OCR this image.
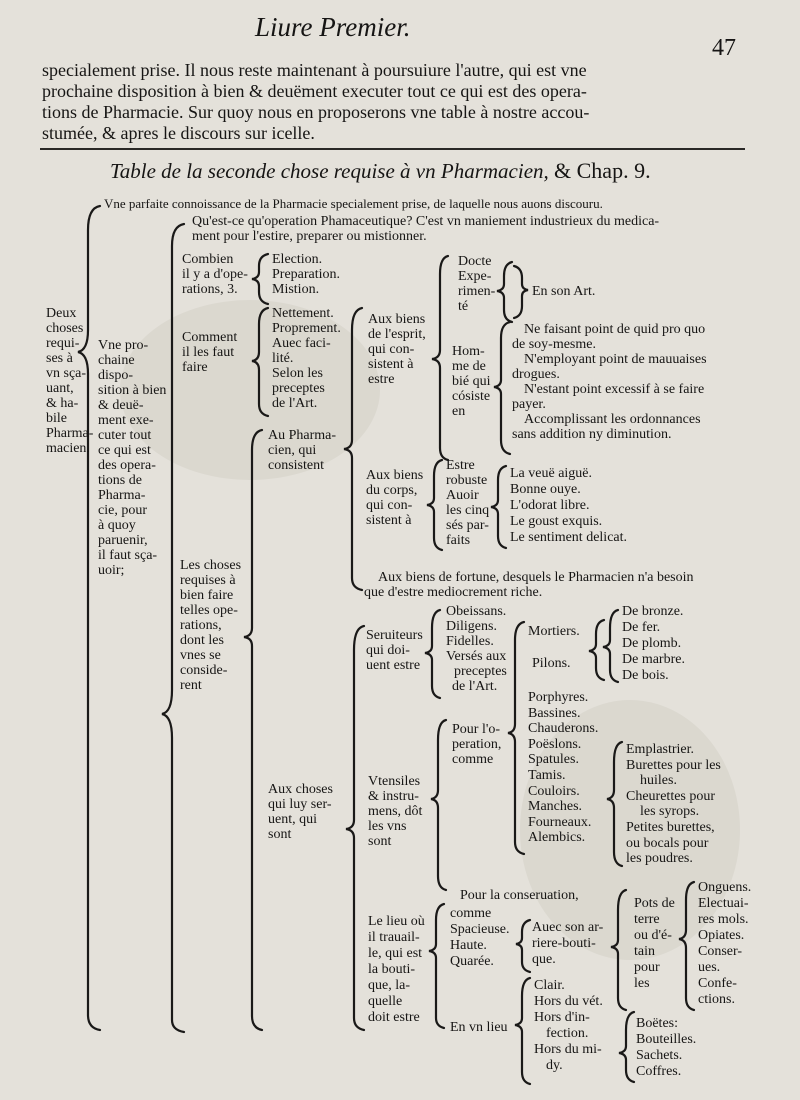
Liure Premier.
47
specialement prise. Il nous reste maintenant à poursuiure l'autre, qui est vne
prochaine disposition à bien & deuëment executer tout ce qui est des opera-
tions de Pharmacie. Sur quoy nous en proposerons vne table à nostre accou-
stumée, & apres le discours sur icelle.
Table de la seconde chose requise à vn Pharmacien, & Chap. 9.
Deux
choses
requi-
ses à
vn sça-
uant,
& ha-
bile
Pharma-
macien.
Vne parfaite connoissance de la Pharmacie specialement prise, de laquelle nous auons discouru.
Vne pro-
chaine
dispo-
sition à bien
& deuë-
ment exe-
cuter tout
ce qui est
des opera-
tions de
Pharma-
cie, pour
à quoy
paruenir,
il faut sça-
uoir;
Qu'est-ce qu'operation Phamaceutique? C'est vn maniement industrieux du medica-
ment pour l'estire, preparer ou mistionner.
Combien
il y a d'ope-
rations, 3.
Election.
Preparation.
Mistion.
Comment
il les faut
faire
Nettement.
Proprement.
Auec faci-
lité.
Selon les
preceptes
de l'Art.
Les choses
requises à
bien faire
telles ope-
rations,
dont les
vnes se
conside-
rent
Au Pharma-
cien, qui
consistent
Aux biens
de l'esprit,
qui con-
sistent à
estre
Docte
Expe-
rimen-
té
En son Art.
Hom-
me de
bié qui
cósiste
en
Ne faisant point de quid pro quo
de soy-mesme.
N'employant point de mauuaises
drogues.
N'estant point excessif à se faire
payer.
Accomplissant les ordonnances
sans addition ny diminution.
Aux biens
du corps,
qui con-
sistent à
Estre
robuste
Auoir
les cinq
sés par-
faits
La veuë aiguë.
Bonne ouye.
L'odorat libre.
Le goust exquis.
Le sentiment delicat.
Aux biens de fortune, desquels le Pharmacien n'a besoin
que d'estre mediocrement riche.
Aux choses
qui luy ser-
uent, qui
sont
Seruiteurs
qui doi-
uent estre
Obeissans.
Diligens.
Fidelles.
Versés aux
preceptes
de l'Art.
Vtensiles
& instru-
mens, dôt
les vns
sont
Pour l'o-
peration,
comme
Mortiers.
Pilons.
De bronze.
De fer.
De plomb.
De marbre.
De bois.
Porphyres.
Bassines.
Chauderons.
Poëslons.
Spatules.
Tamis.
Couloirs.
Manches.
Fourneaux.
Alembics.
Emplastrier.
Burettes pour les
huiles.
Cheurettes pour
les syrops.
Petites burettes,
ou bocals pour
les poudres.
Pour la conseruation,
Pots de
terre
ou d'é-
tain
pour
les
Onguens.
Electuai-
res mols.
Opiates.
Conser-
ues.
Confe-
ctions.
Boëtes:
Bouteilles.
Sachets.
Coffres.
Le lieu où
il trauail-
le, qui est
la bouti-
que, la-
quelle
doit estre
comme
Spacieuse.
Haute.
Quarée.
Auec son ar-
riere-bouti-
que.
En vn lieu
Clair.
Hors du vét.
Hors d'in-
fection.
Hors du mi-
dy.
